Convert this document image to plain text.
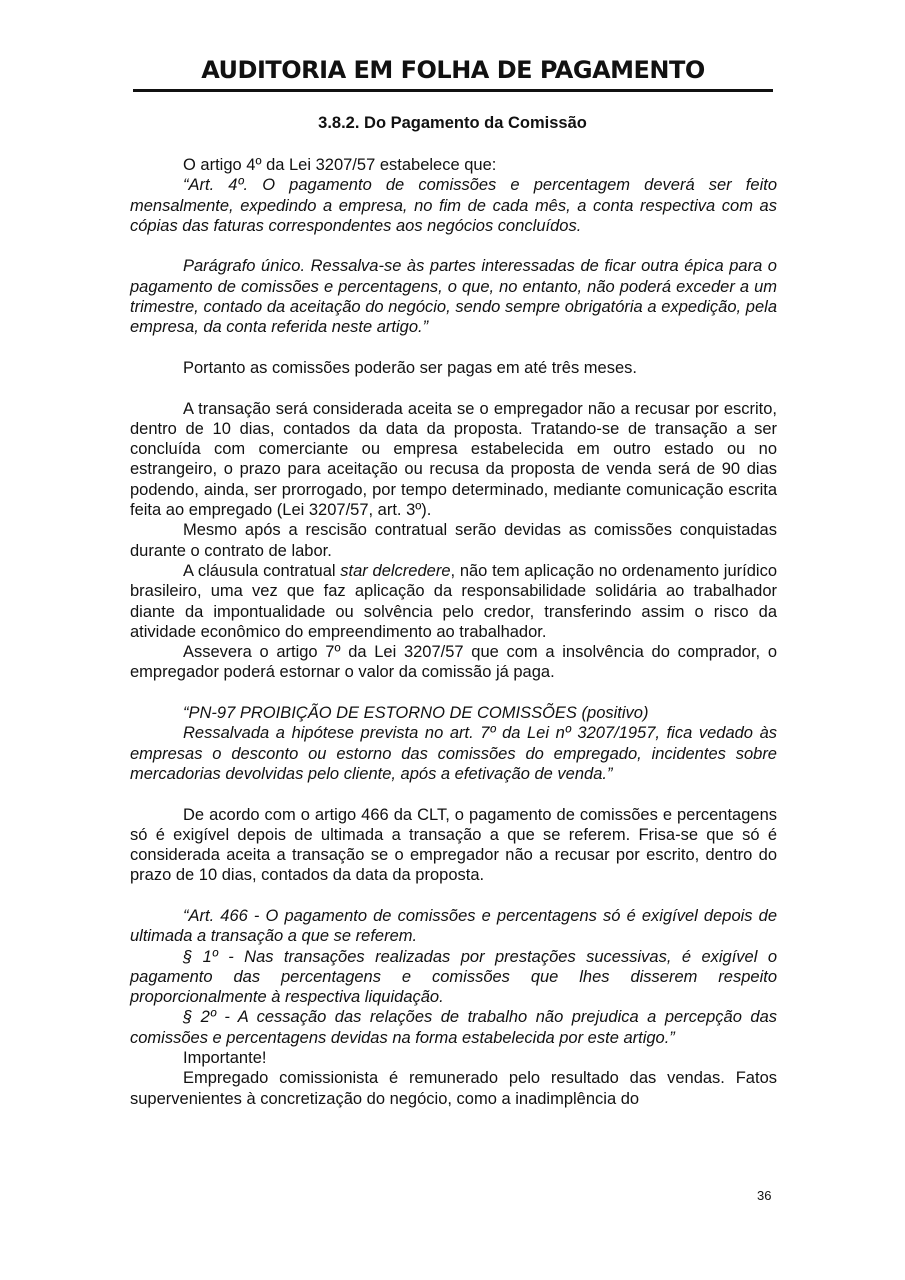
AUDITORIA EM FOLHA DE PAGAMENTO
3.8.2. Do Pagamento da Comissão

O artigo 4º da Lei 3207/57 estabelece que:

“Art. 4º. O pagamento de comissões e percentagem deverá ser feito mensalmente, expedindo a empresa, no fim de cada mês, a conta respectiva com as cópias das faturas correspondentes aos negócios concluídos.

Parágrafo único. Ressalva-se às partes interessadas de ficar outra épica para o pagamento de comissões e percentagens, o que, no entanto, não poderá exceder a um trimestre, contado da aceitação do negócio, sendo sempre obrigatória a expedição, pela empresa, da conta referida neste artigo.”

Portanto as comissões poderão ser pagas em até três meses.

A transação será considerada aceita se o empregador não a recusar por escrito, dentro de 10 dias, contados da data da proposta. Tratando-se de transação a ser concluída com comerciante ou empresa estabelecida em outro estado ou no estrangeiro, o prazo para aceitação ou recusa da proposta de venda será de 90 dias podendo, ainda, ser prorrogado, por tempo determinado, mediante comunicação escrita feita ao empregado (Lei 3207/57, art. 3º).

Mesmo após a rescisão contratual serão devidas as comissões conquistadas durante o contrato de labor.

A cláusula contratual star delcredere, não tem aplicação no ordenamento jurídico brasileiro, uma vez que faz aplicação da responsabilidade solidária ao trabalhador diante da impontualidade ou solvência pelo credor, transferindo assim o risco da atividade econômico do empreendimento ao trabalhador.

Assevera o artigo 7º da Lei 3207/57 que com a insolvência do comprador, o empregador poderá estornar o valor da comissão já paga.

“PN-97 PROIBIÇÃO DE ESTORNO DE COMISSÕES (positivo)

Ressalvada a hipótese prevista no art. 7º da Lei nº 3207/1957, fica vedado às empresas o desconto ou estorno das comissões do empregado, incidentes sobre mercadorias devolvidas pelo cliente, após a efetivação de venda.”

De acordo com o artigo 466 da CLT, o pagamento de comissões e percentagens só é exigível depois de ultimada a transação a que se referem. Frisa-se que só é considerada aceita a transação se o empregador não a recusar por escrito, dentro do prazo de 10 dias, contados da data da proposta.

“Art. 466 - O pagamento de comissões e percentagens só é exigível depois de ultimada a transação a que se referem.

§ 1º - Nas transações realizadas por prestações sucessivas, é exigível o pagamento das percentagens e comissões que lhes disserem respeito proporcionalmente à respectiva liquidação.

§ 2º - A cessação das relações de trabalho não prejudica a percepção das comissões e percentagens devidas na forma estabelecida por este artigo.”

Importante!

Empregado comissionista é remunerado pelo resultado das vendas. Fatos supervenientes à concretização do negócio, como a inadimplência do

36
